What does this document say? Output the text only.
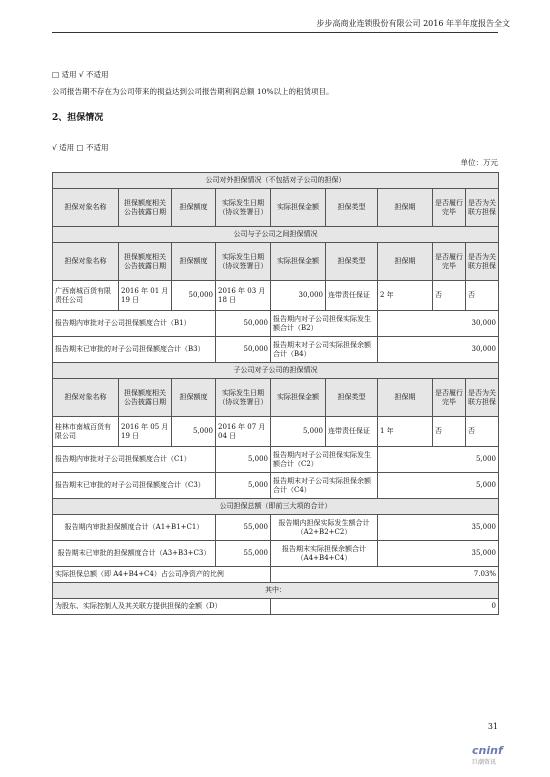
步步高商业连锁股份有限公司 2016 年半年度报告全文
□ 适用 √ 不适用
公司报告期不存在为公司带来的损益达到公司报告期利润总额 10%以上的租赁项目。
2、担保情况
√ 适用 □ 不适用
单位：万元
公司对外担保情况（不包括对子公司的担保）								
担保对象名称	担保额度相关公告披露日期	担保额度	实际发生日期（协议签署日）	实际担保金额	担保类型	担保期	是否履行完毕	是否为关联方担保
公司与子公司之间担保情况								
担保对象名称	担保额度相关公告披露日期	担保额度	实际发生日期（协议签署日）	实际担保金额	担保类型	担保期	是否履行完毕	是否为关联方担保
广西南城百货有限责任公司	2016 年 01 月 19 日	50,000	2016 年 03 月 18 日	30,000	连带责任保证	2 年	否	否
报告期内审批对子公司担保额度合计（B1）			50,000	报告期内对子公司担保实际发生额合计（B2）		30,000		
报告期末已审批的对子公司担保额度合计（B3）			50,000	报告期末对子公司实际担保余额合计（B4）		30,000		
子公司对子公司的担保情况								
担保对象名称	担保额度相关公告披露日期	担保额度	实际发生日期（协议签署日）	实际担保金额	担保类型	担保期	是否履行完毕	是否为关联方担保
桂林市南城百货有限公司	2016 年 05 月 19 日	5,000	2016 年 07 月 04 日	5,000	连带责任保证	1 年	否	否
报告期内审批对子公司担保额度合计（C1）			5,000	报告期内对子公司担保实际发生额合计（C2）		5,000		
报告期末已审批的对子公司担保额度合计（C3）			5,000	报告期末对子公司实际担保余额合计（C4）		5,000		
公司担保总额（即前三大项的合计）								
报告期内审批担保额度合计（A1+B1+C1）			55,000	报告期内担保实际发生额合计（A2+B2+C2）		35,000		
报告期末已审批的担保额度合计（A3+B3+C3）			55,000	报告期末实际担保余额合计（A4+B4+C4）		35,000		
实际担保总额（即 A4+B4+C4）占公司净资产的比例				7.03%				
其中：								
为股东、实际控制人及其关联方提供担保的金额（D）				0				
31
cninf
巨潮资讯
